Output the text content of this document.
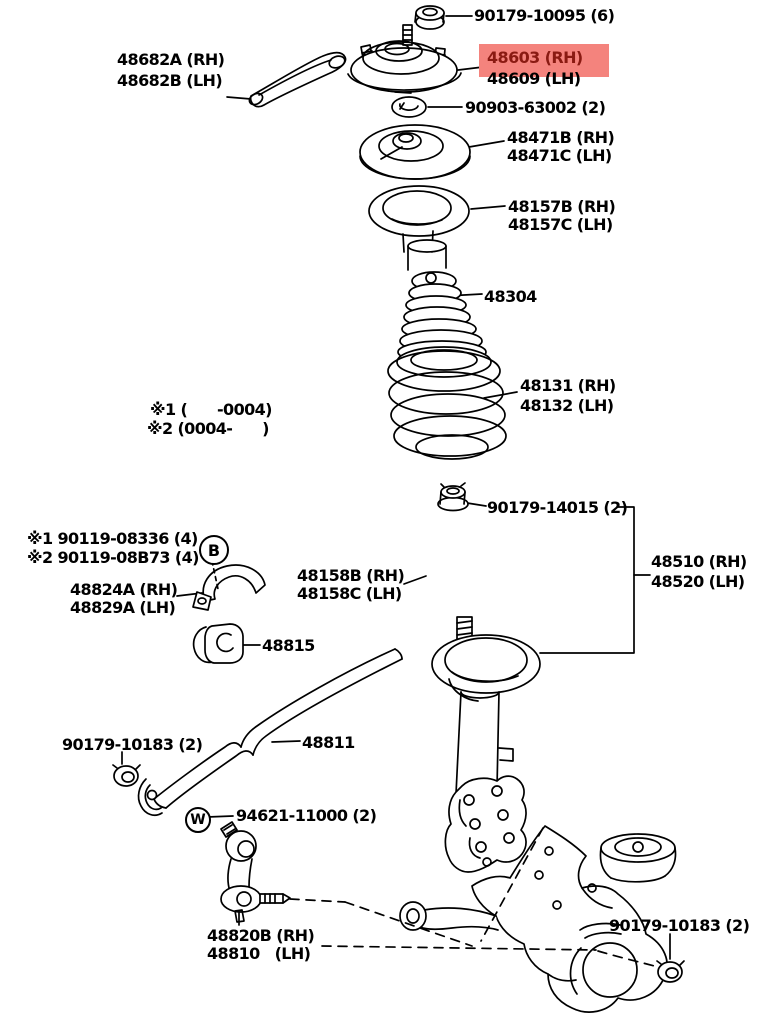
90179-10095 (6)
48682A (RH)
48682B (LH)
48603 (RH)
48609 (LH)
90903-63002 (2)
48471B (RH)
48471C (LH)
48157B (RH)
48157C (LH)
48304
48131 (RH)
48132 (LH)
※1 (      -0004)
※2 (0004-      )
90179-14015 (2)
48510 (RH)
48520 (LH)
48158B (RH)
48158C (LH)
※1 90119-08336 (4)
※2 90119-08B73 (4)
48824A (RH)
48829A (LH)
48815
90179-10183 (2)	48811
94621-11000 (2)
48820B (RH)
48810   (LH)
90179-10183 (2)
B
W
